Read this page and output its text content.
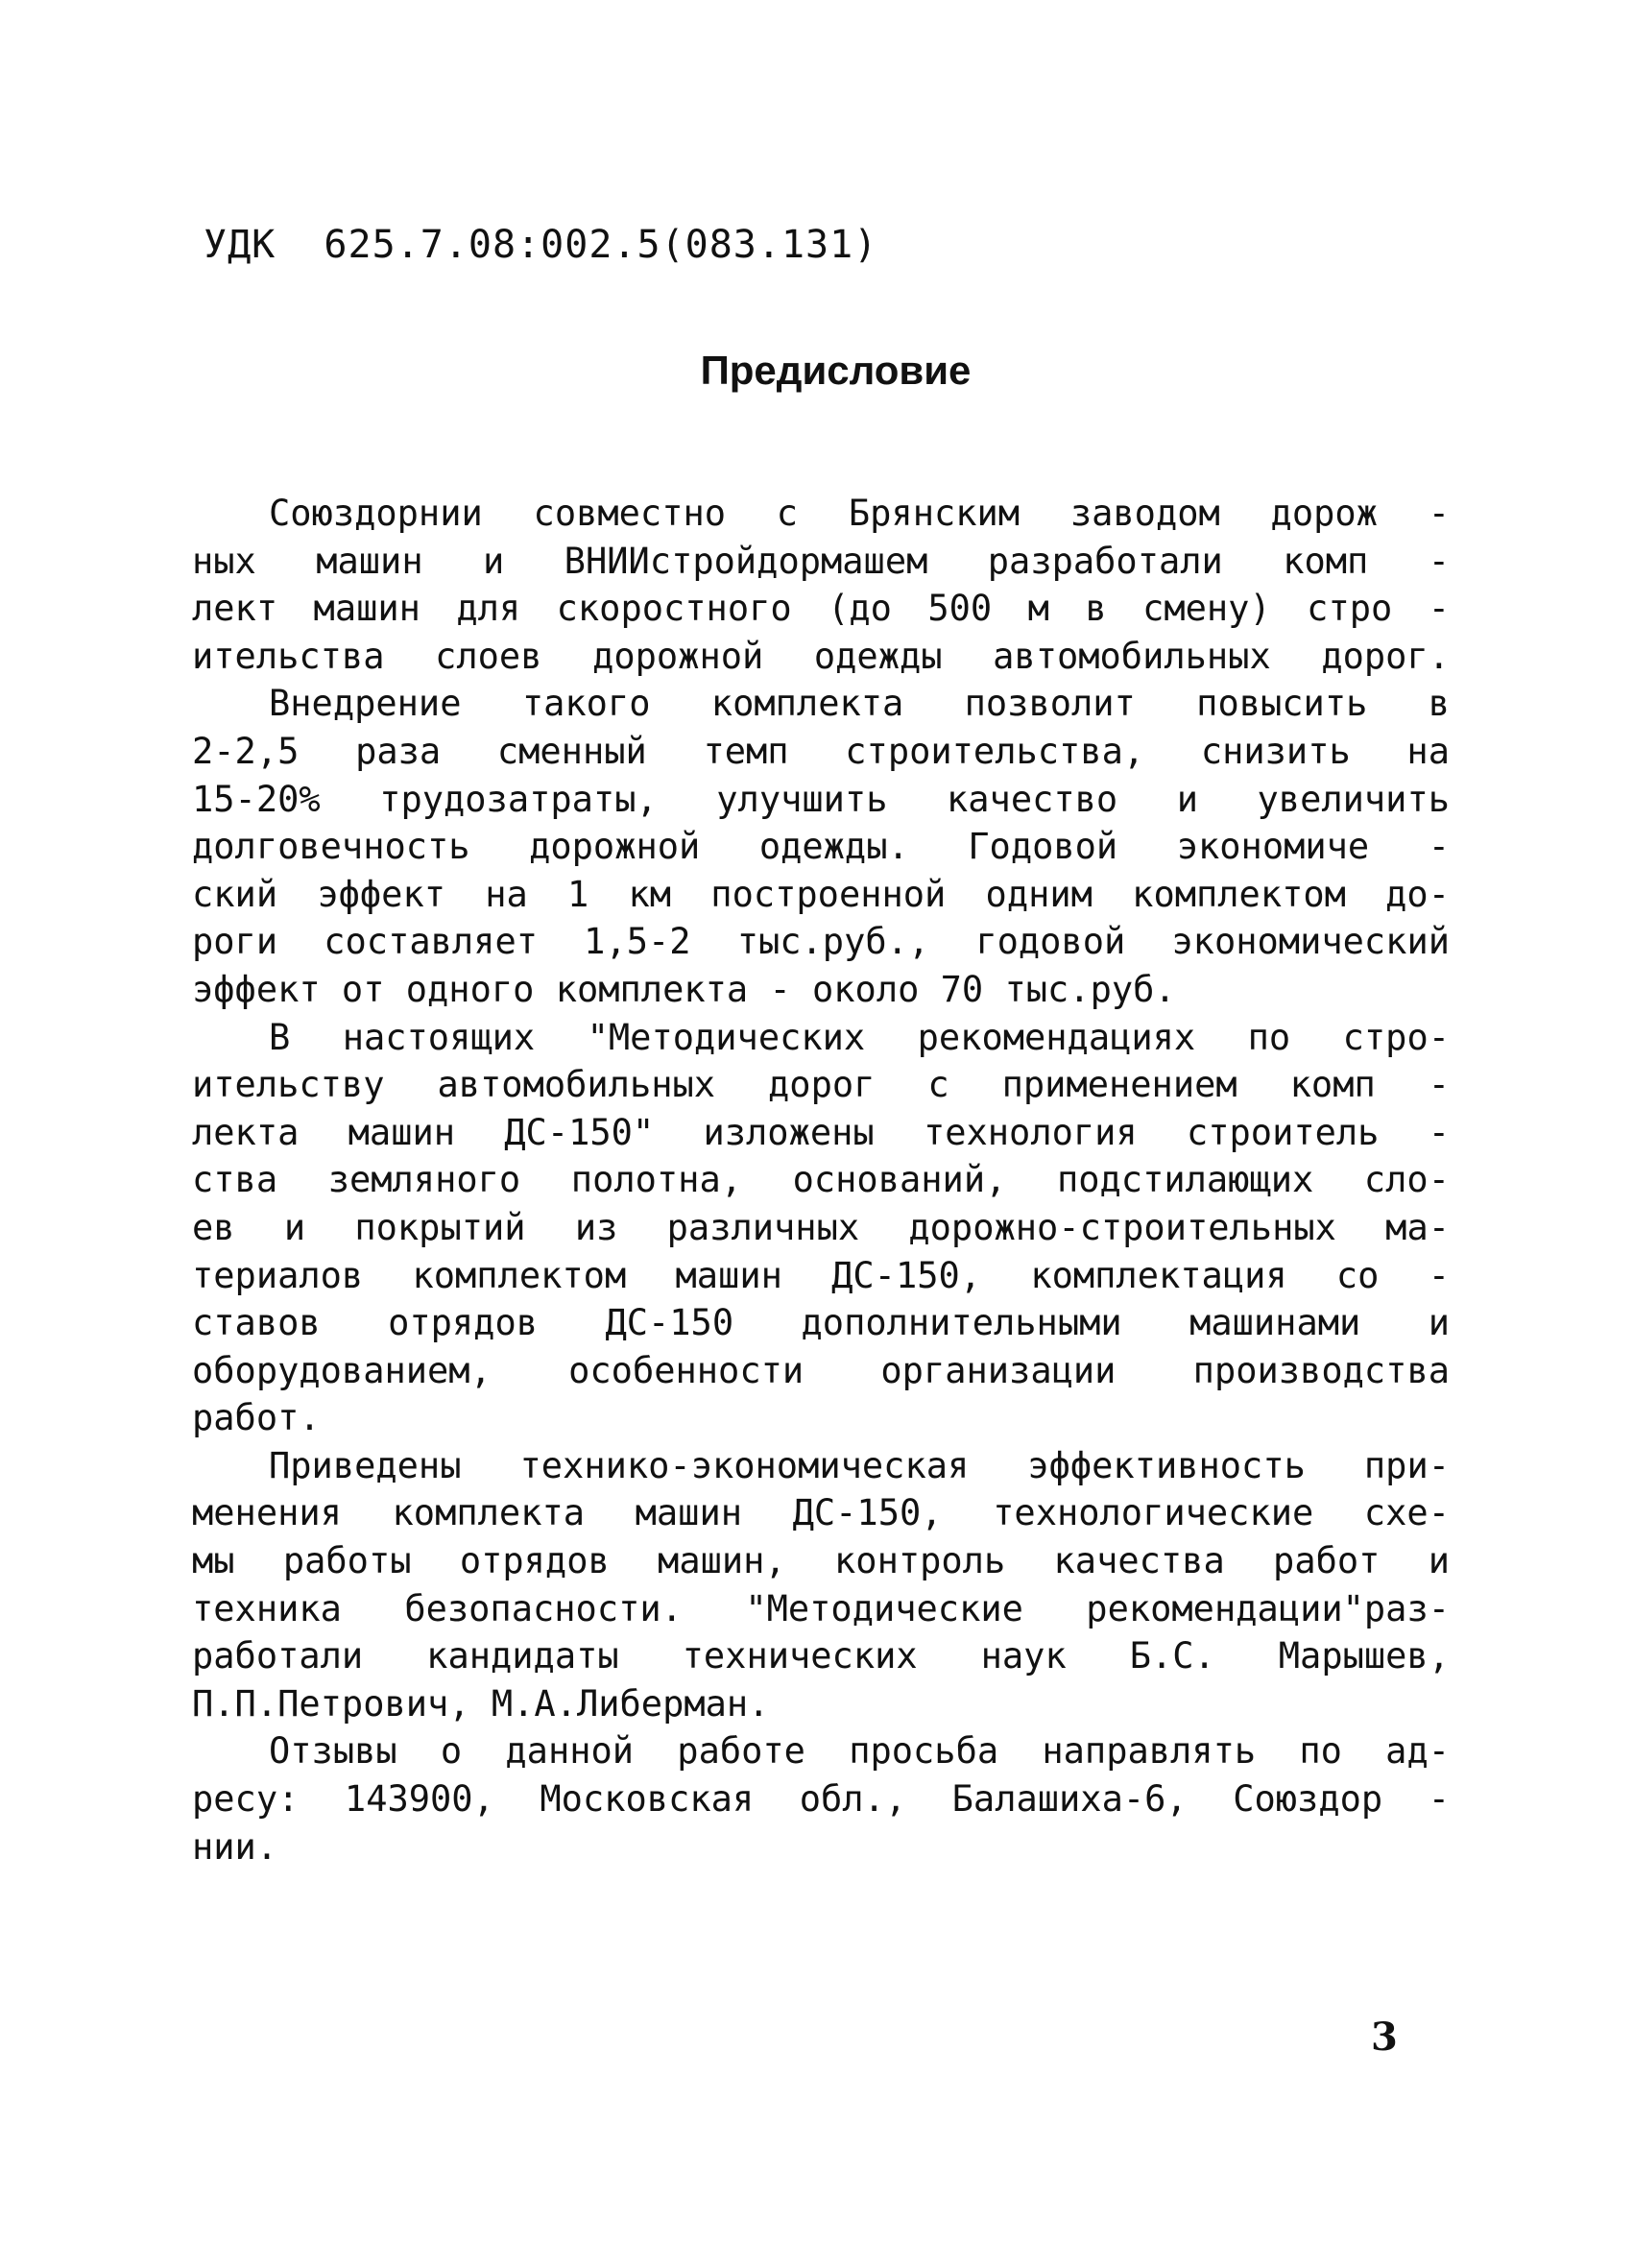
УДК  625.7.08:002.5(083.131)
Предисловие
Союздорнии совместно с Брянским заводом дорож -
ных машин и ВНИИстройдормашем разработали комп -
лект машин для скоростного (до 500 м в смену) стро -
ительства слоев дорожной одежды автомобильных дорог.
Внедрение такого комплекта позволит повысить в
2-2,5 раза сменный темп строительства, снизить на
15-20% трудозатраты, улучшить качество и увеличить
долговечность дорожной одежды. Годовой экономиче -
ский эффект на 1 км построенной одним комплектом до-
роги составляет 1,5-2 тыс.руб., годовой экономический
эффект от одного комплекта - около 70 тыс.руб.
В настоящих "Методических рекомендациях по стро-
ительству автомобильных дорог с применением комп -
лекта машин ДС-150" изложены технология строитель -
ства земляного полотна, оснований, подстилающих сло-
ев и покрытий из различных дорожно-строительных ма-
териалов комплектом машин ДС-150, комплектация со -
ставов отрядов ДС-150 дополнительными машинами и
оборудованием, особенности организации производства
работ.
Приведены технико-экономическая эффективность при-
менения комплекта машин ДС-150, технологические схе-
мы работы отрядов машин, контроль качества работ и
техника безопасности. "Методические рекомендации"раз-
работали кандидаты технических наук Б.С. Марышев,
П.П.Петрович, М.А.Либерман.
Отзывы о данной работе просьба направлять по ад-
ресу: 143900, Московская обл., Балашиха-6, Союздор -
нии.
3
